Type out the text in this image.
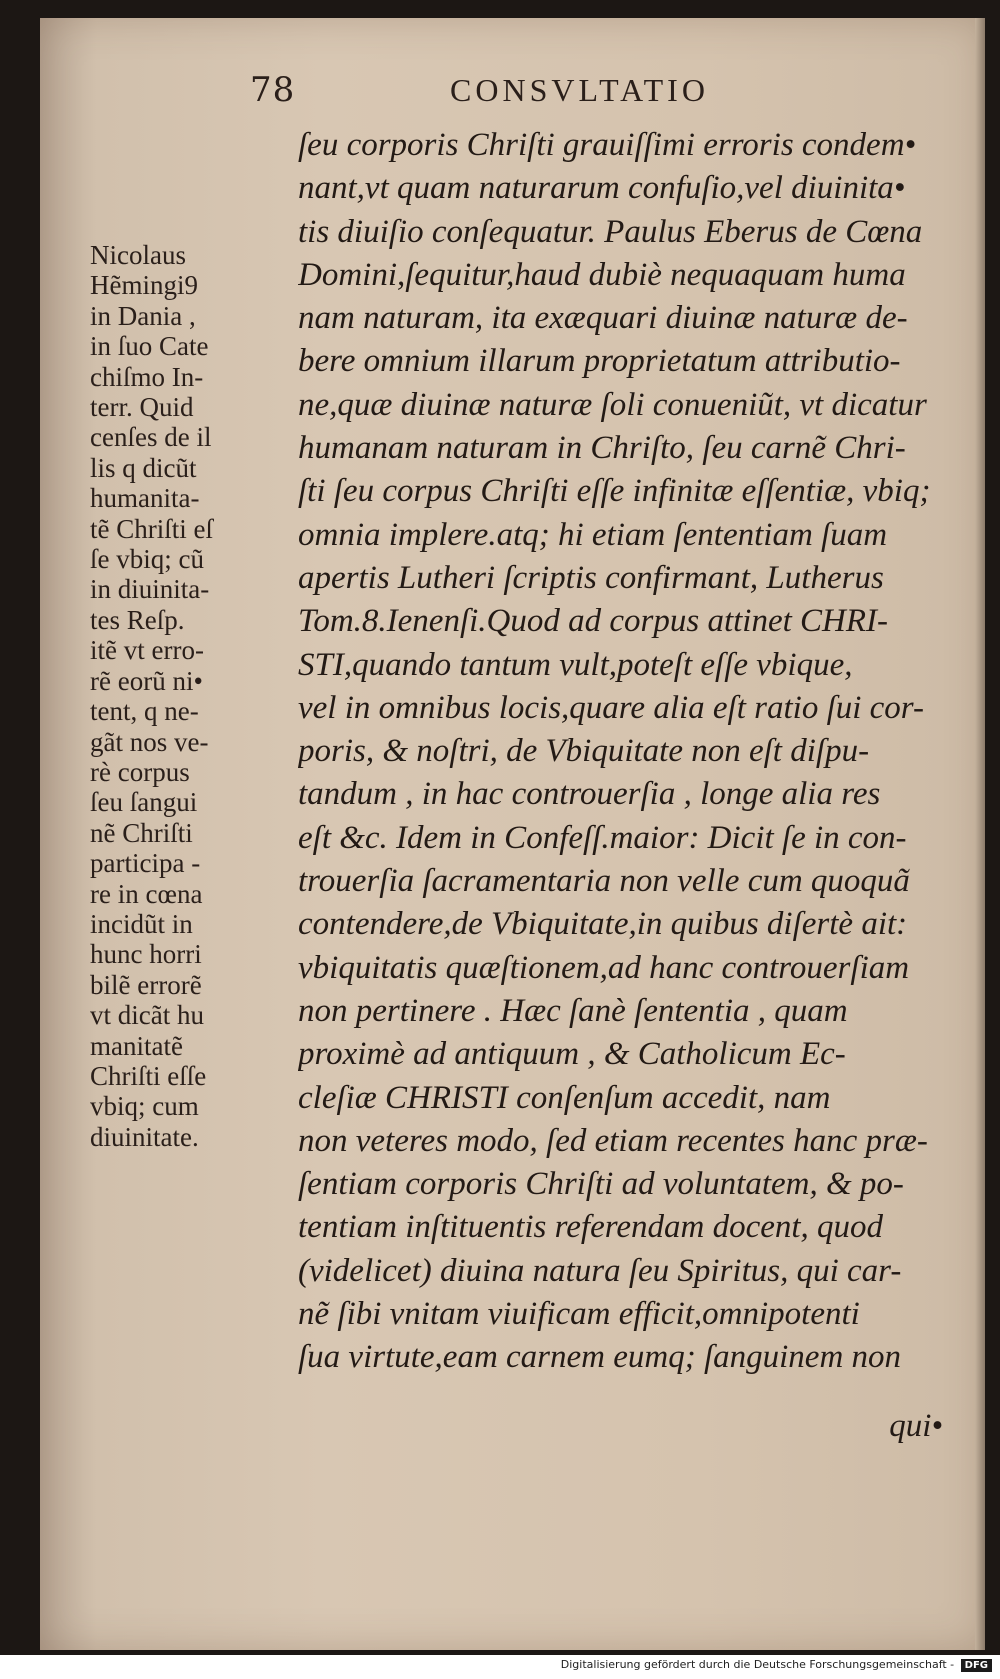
78	CONSVLTATIO
Nicolaus
Hẽmingi9
in Dania ,
in ſuo Cate
chiſmo In-
terr. Quid
cenſes de il
lis q dicũt
humanita-
tẽ Chriſti eſ
ſe vbiq; cũ
in diuinita-
tes Reſp.
itẽ vt erro-
rẽ eorũ ni•
tent, q ne-
gãt nos ve-
rè corpus
ſeu ſangui
nẽ Chriſti
participa -
re in cœna
incidũt in
hunc horri
bilẽ errorẽ
vt dicãt hu
manitatẽ
Chriſti eſſe
vbiq; cum
diuinitate.
ſeu corporis Chriſti grauiſſimi erroris condem•
nant,vt quam naturarum confuſio,vel diuinita•
tis diuiſio conſequatur. Paulus Eberus de Cœna
Domini,ſequitur,haud dubiè nequaquam huma
nam naturam, ita exæquari diuinæ naturæ de-
bere omnium illarum proprietatum attributio-
ne,quæ diuinæ naturæ ſoli conueniũt, vt dicatur
humanam naturam in Chriſto, ſeu carnẽ Chri-
ſti ſeu corpus Chriſti eſſe infinitæ eſſentiæ, vbiq;
omnia implere.atq; hi etiam ſententiam ſuam
apertis Lutheri ſcriptis confirmant, Lutherus
Tom.8.Ienenſi.Quod ad corpus attinet CHRI-
STI,quando tantum vult,poteſt eſſe vbique,
vel in omnibus locis,quare alia eſt ratio ſui cor-
poris, & noſtri, de Vbiquitate non eſt diſpu-
tandum , in hac controuerſia , longe alia res
eſt &c. Idem in Confeſſ.maior: Dicit ſe in con-
trouerſia ſacramentaria non velle cum quoquã
contendere,de Vbiquitate,in quibus diſertè ait:
vbiquitatis quæſtionem,ad hanc controuerſiam
non pertinere . Hæc ſanè ſententia , quam
proximè ad antiquum , & Catholicum Ec-
cleſiæ CHRISTI conſenſum accedit, nam
non veteres modo, ſed etiam recentes hanc præ-
ſentiam corporis Chriſti ad voluntatem, & po-
tentiam inſtituentis referendam docent, quod
(videlicet) diuina natura ſeu Spiritus, qui car-
nẽ ſibi vnitam viuificam efficit,omnipotenti
ſua virtute,eam carnem eumq; ſanguinem non
qui•
Digitalisierung gefördert durch die Deutsche Forschungsgemeinschaft - DFG
